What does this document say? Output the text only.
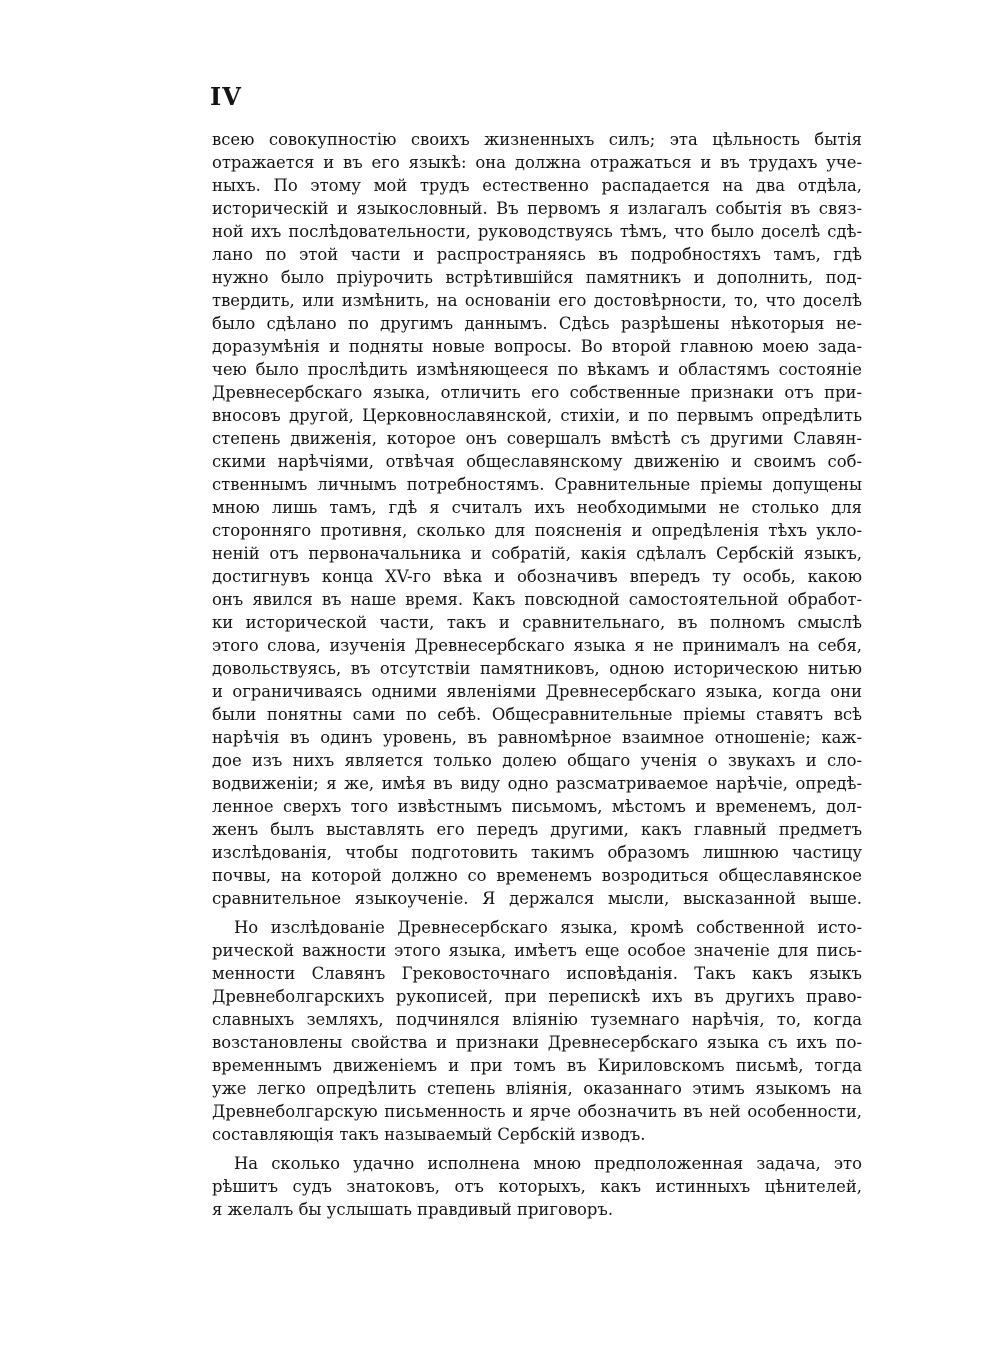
IV
всею совокупностію своихъ жизненныхъ силъ; эта цѣльность бытія
отражается и въ его языкѣ: она должна отражаться и въ трудахъ уче-
ныхъ. По этому мой трудъ естественно распадается на два отдѣла,
историческій и языкословный. Въ первомъ я излагалъ событія въ связ-
ной ихъ послѣдовательности, руководствуясь тѣмъ, что было доселѣ сдѣ-
лано по этой части и распространяясь въ подробностяхъ тамъ, гдѣ
нужно было пріурочить встрѣтившійся памятникъ и дополнить, под-
твердить, или измѣнить, на основаніи его достовѣрности, то, что доселѣ
было сдѣлано по другимъ даннымъ. Сдѣсь разрѣшены нѣкоторыя не-
доразумѣнія и подняты новые вопросы. Во второй главною моею зада-
чею было прослѣдить измѣняющееся по вѣкамъ и областямъ состояніе
Древнесербскаго языка, отличить его собственные признаки отъ при-
вносовъ другой, Церковнославянской, стихіи, и по первымъ опредѣлить
степень движенія, которое онъ совершалъ вмѣстѣ съ другими Славян-
скими нарѣчіями, отвѣчая общеславянскому движенію и своимъ соб-
ственнымъ личнымъ потребностямъ. Сравнительные пріемы допущены
мною лишь тамъ, гдѣ я считалъ ихъ необходимыми не столько для
сторонняго противня, сколько для поясненія и опредѣленія тѣхъ укло-
неній отъ первоначальника и собратій, какія сдѣлалъ Сербскій языкъ,
достигнувъ конца XV-го вѣка и обозначивъ впередъ ту особь, какою
онъ явился въ наше время. Какъ повсюдной самостоятельной обработ-
ки исторической части, такъ и сравнительнаго, въ полномъ смыслѣ
этого слова, изученія Древнесербскаго языка я не принималъ на себя,
довольствуясь, въ отсутствіи памятниковъ, одною историческою нитью
и ограничиваясь одними явленіями Древнесербскаго языка, когда они
были понятны сами по себѣ. Общесравнительные пріемы ставятъ всѣ
нарѣчія въ одинъ уровень, въ равномѣрное взаимное отношеніе; каж-
дое изъ нихъ является только долею общаго ученія о звукахъ и сло-
водвиженіи; я же, имѣя въ виду одно разсматриваемое нарѣчіе, опредѣ-
ленное сверхъ того извѣстнымъ письмомъ, мѣстомъ и временемъ, дол-
женъ былъ выставлять его передъ другими, какъ главный предметъ
изслѣдованія, чтобы подготовить такимъ образомъ лишнюю частицу
почвы, на которой должно со временемъ возродиться общеславянское
сравнительное языкоученіе. Я держался мысли, высказанной выше.
Но изслѣдованіе Древнесербскаго языка, кромѣ собственной исто-
рической важности этого языка, имѣетъ еще особое значеніе для пись-
менности Славянъ Грековосточнаго исповѣданія. Такъ какъ языкъ
Древнеболгарскихъ рукописей, при перепискѣ ихъ въ другихъ право-
славныхъ земляхъ, подчинялся вліянію туземнаго нарѣчія, то, когда
возстановлены свойства и признаки Древнесербскаго языка съ ихъ по-
временнымъ движеніемъ и при томъ въ Кириловскомъ письмѣ, тогда
уже легко опредѣлить степень вліянія, оказаннаго этимъ языкомъ на
Древнеболгарскую письменность и ярче обозначить въ ней особенности,
составляющія такъ называемый Сербскій изводъ.
На сколько удачно исполнена мною предположенная задача, это
рѣшитъ судъ знатоковъ, отъ которыхъ, какъ истинныхъ цѣнителей,
я желалъ бы услышать правдивый приговоръ.
